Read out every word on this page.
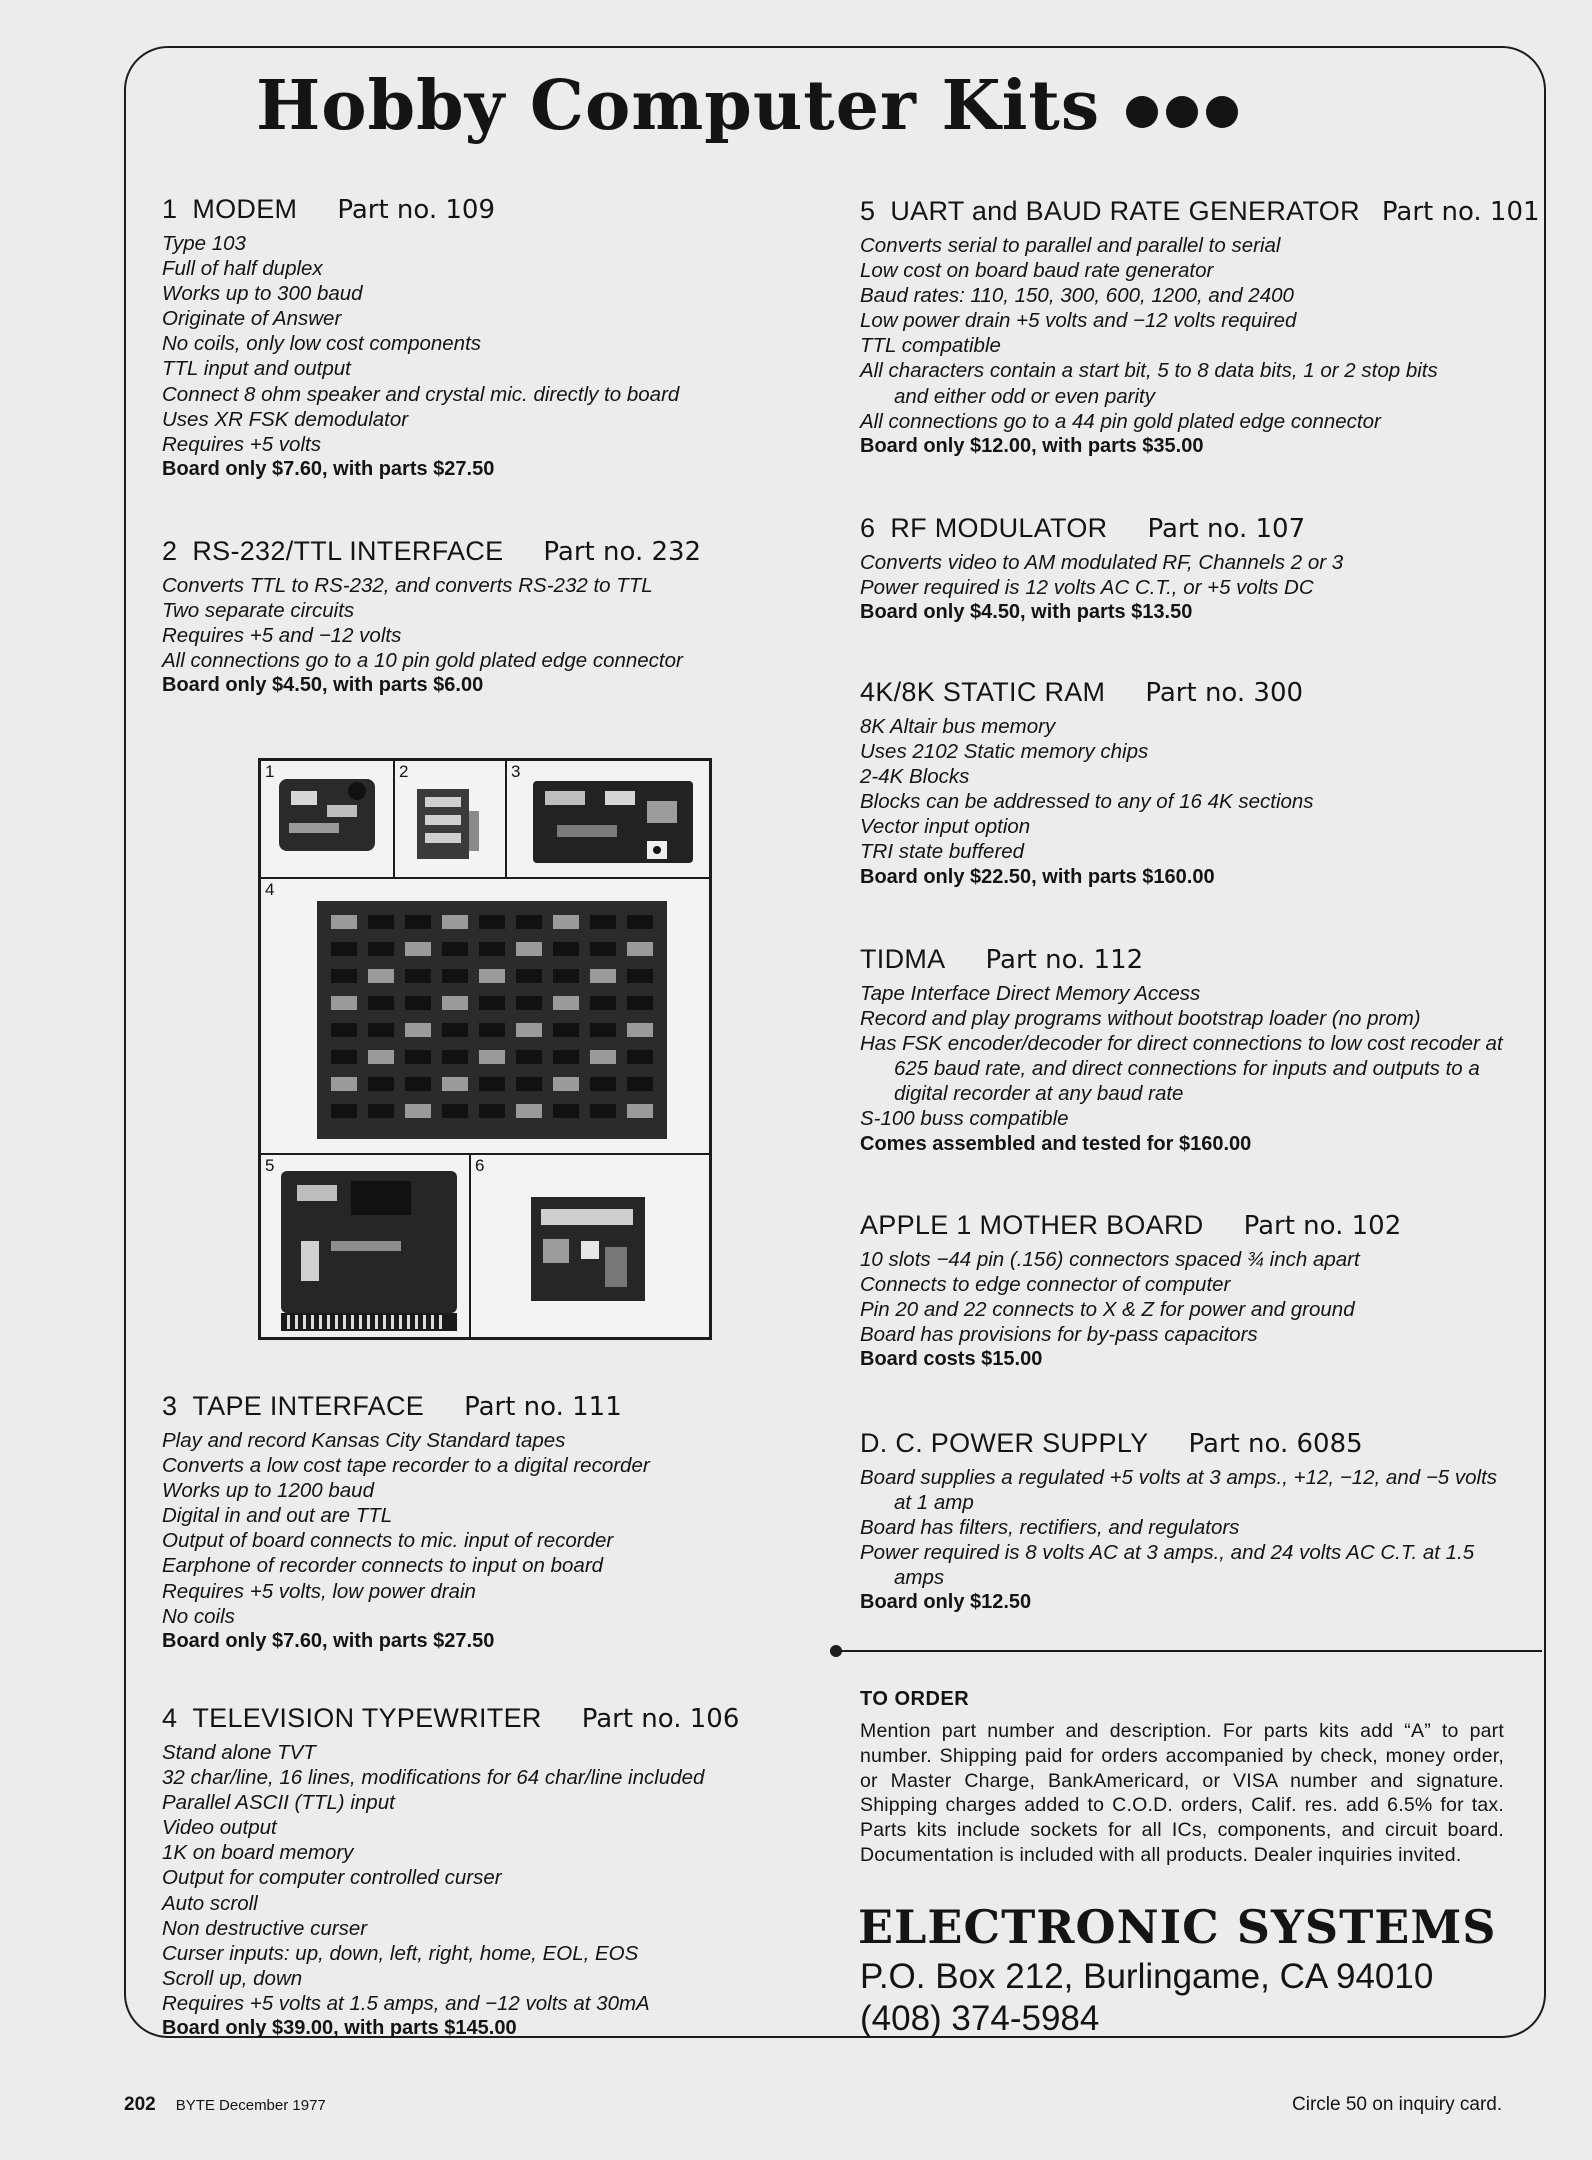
Hobby Computer Kits
1 MODEM Part no. 109
Type 103
Full of half duplex
Works up to 300 baud
Originate of Answer
No coils, only low cost components
TTL input and output
Connect 8 ohm speaker and crystal mic. directly to board
Uses XR FSK demodulator
Requires +5 volts

Board only $7.60, with parts $27.50

2 RS-232/TTL INTERFACE Part no. 232
Converts TTL to RS-232, and converts RS-232 to TTL
Two separate circuits
Requires +5 and −12 volts
All connections go to a 10 pin gold plated edge connector

Board only $4.50, with parts $6.00

1	2	3
4
5	6
3 TAPE INTERFACE Part no. 111
Play and record Kansas City Standard tapes
Converts a low cost tape recorder to a digital recorder
Works up to 1200 baud
Digital in and out are TTL
Output of board connects to mic. input of recorder
Earphone of recorder connects to input on board
Requires +5 volts, low power drain
No coils

Board only $7.60, with parts $27.50

4 TELEVISION TYPEWRITER Part no. 106
Stand alone TVT
32 char/line, 16 lines, modifications for 64 char/line included
Parallel ASCII (TTL) input
Video output
1K on board memory
Output for computer controlled curser
Auto scroll
Non destructive curser
Curser inputs: up, down, left, right, home, EOL, EOS
Scroll up, down
Requires +5 volts at 1.5 amps, and −12 volts at 30mA

Board only $39.00, with parts $145.00

5 UART and BAUD RATE GENERATOR Part no. 101
Converts serial to parallel and parallel to serial
Low cost on board baud rate generator
Baud rates: 110, 150, 300, 600, 1200, and 2400
Low power drain +5 volts and −12 volts required
TTL compatible
All characters contain a start bit, 5 to 8 data bits, 1 or 2 stop bits and either odd or even parity
All connections go to a 44 pin gold plated edge connector

Board only $12.00, with parts $35.00

6 RF MODULATOR Part no. 107
Converts video to AM modulated RF, Channels 2 or 3
Power required is 12 volts AC C.T., or +5 volts DC

Board only $4.50, with parts $13.50

4K/8K STATIC RAM Part no. 300
8K Altair bus memory
Uses 2102 Static memory chips
2-4K Blocks
Blocks can be addressed to any of 16 4K sections
Vector input option
TRI state buffered

Board only $22.50, with parts $160.00

TIDMA Part no. 112
Tape Interface Direct Memory Access
Record and play programs without bootstrap loader (no prom)
Has FSK encoder/decoder for direct connections to low cost recoder at 625 baud rate, and direct connections for inputs and outputs to a digital recorder at any baud rate
S-100 buss compatible

Comes assembled and tested for $160.00

APPLE 1 MOTHER BOARD Part no. 102
10 slots −44 pin (.156) connectors spaced ¾ inch apart
Connects to edge connector of computer
Pin 20 and 22 connects to X & Z for power and ground
Board has provisions for by-pass capacitors

Board costs $15.00

D. C. POWER SUPPLY Part no. 6085
Board supplies a regulated +5 volts at 3 amps., +12, −12, and −5 volts at 1 amp
Board has filters, rectifiers, and regulators
Power required is 8 volts AC at 3 amps., and 24 volts AC C.T. at 1.5 amps

Board only $12.50

TO ORDER

Mention part number and description. For parts kits add “A” to part number. Shipping paid for orders accompanied by check, money order, or Master Charge, BankAmericard, or VISA number and signature. Shipping charges added to C.O.D. orders, Calif. res. add 6.5% for tax. Parts kits include sockets for all ICs, components, and circuit board. Documentation is included with all products. Dealer inquiries invited.

ELECTRONIC SYSTEMS

P.O. Box 212, Burlingame, CA 94010
(408) 374-5984
202 BYTE December 1977	Circle 50 on inquiry card.
